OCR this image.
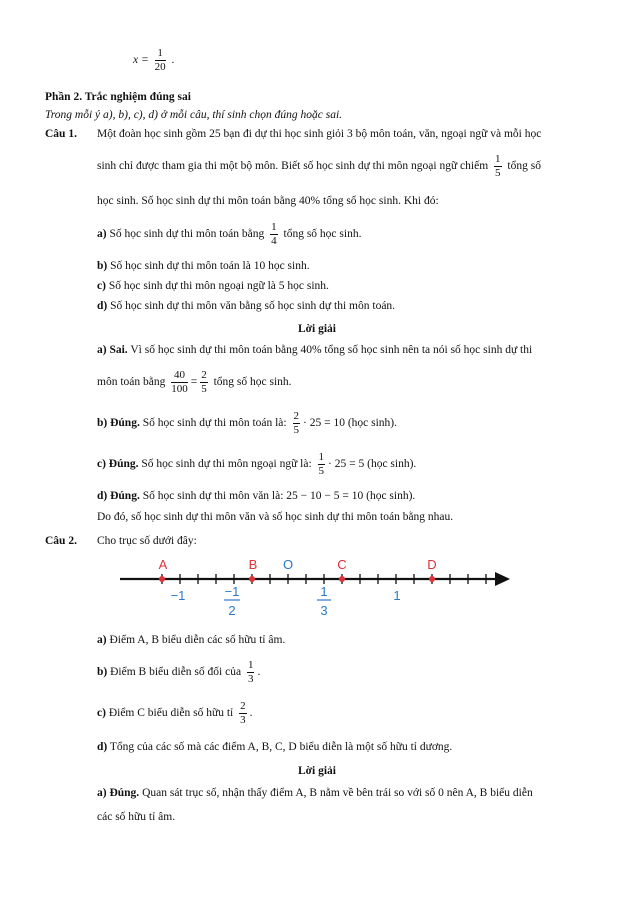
$x = \frac{1}{20}$ .
Phần 2. Trắc nghiệm đúng sai
Trong mỗi ý a), b), c), d) ở mỗi câu, thí sinh chọn đúng hoặc sai.
Câu 1. Một đoàn học sinh gồm 25 bạn đi dự thi học sinh giỏi 3 bộ môn toán, văn, ngoại ngữ và mỗi học
sinh chỉ được tham gia thi một bộ môn. Biết số học sinh dự thi môn ngoại ngữ chiếm $\frac{1}{5}$ tổng số
học sinh. Số học sinh dự thi môn toán bằng 40% tổng số học sinh. Khi đó:
a) Số học sinh dự thi môn toán bằng $\frac{1}{4}$ tổng số học sinh.
b) Số học sinh dự thi môn toán là 10 học sinh.
c) Số học sinh dự thi môn ngoại ngữ là 5 học sinh.
d) Số học sinh dự thi môn văn bằng số học sinh dự thi môn toán.
Lời giải
a) Sai. Vì số học sinh dự thi môn toán bằng 40% tổng số học sinh nên ta nói số học sinh dự thi
môn toán bằng $\frac{40}{100} = \frac{2}{5}$ tổng số học sinh.
b) Đúng. Số học sinh dự thi môn toán là: $\frac{2}{5} \cdot 25 = 10$ (học sinh).
c) Đúng. Số học sinh dự thi môn ngoại ngữ là: $\frac{1}{5} \cdot 25 = 5$ (học sinh).
d) Đúng. Số học sinh dự thi môn văn là: 25 − 10 − 5 = 10 (học sinh).
Do đó, số học sinh dự thi môn văn và số học sinh dự thi môn toán bằng nhau.
Câu 2. Cho trục số dưới đây:
A	B O	C	D
−1	−1
2
1
3
1
a) Điểm A, B biểu diễn các số hữu tỉ âm.
b) Điểm B biểu diễn số đối của $\frac{1}{3}$ .
c) Điểm C biểu diễn số hữu tỉ $\frac{2}{3}$ .
d) Tổng của các số mà các điểm A, B, C, D biểu diễn là một số hữu tỉ dương.
Lời giải
a) Đúng. Quan sát trục số, nhận thấy điểm A, B nằm về bên trái so với số 0 nên A, B biểu diễn
các số hữu tỉ âm.
